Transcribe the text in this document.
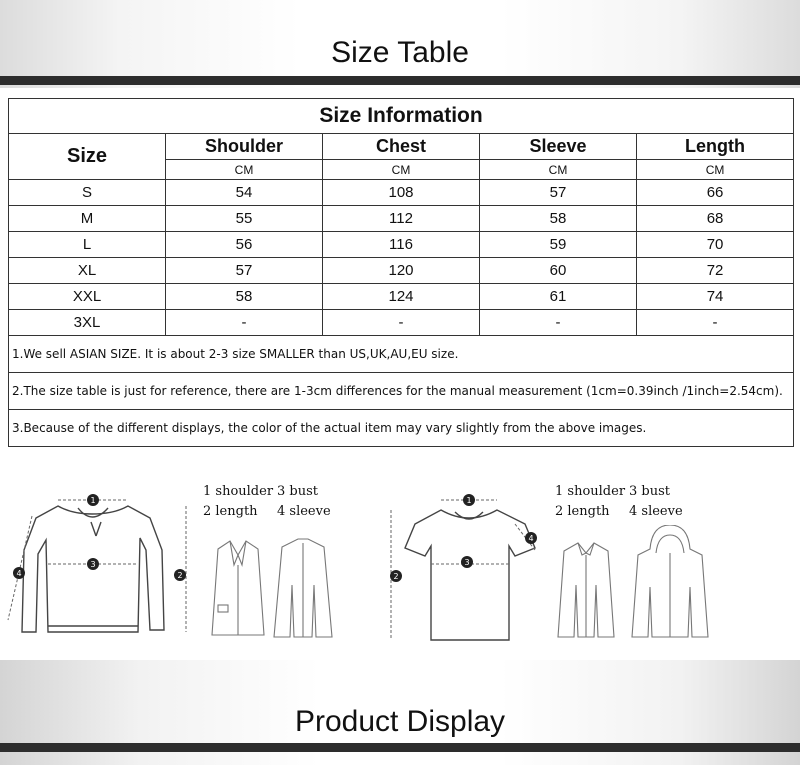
Size Table
Size Information				
Size	Shoulder	Chest	Sleeve	Length
	CM	CM	CM	CM
S	54	108	57	66
M	55	112	58	68
L	56	116	59	70
XL	57	120	60	72
XXL	58	124	61	74
3XL	-	-	-	-
1.We sell ASIAN SIZE. It is about 2-3 size SMALLER than US,UK,AU,EU size.				
2.The size table is just for reference, there are 1-3cm differences for the manual measurement (1cm=0.39inch /1inch=2.54cm).				
3.Because of the different displays, the color of the actual item may vary slightly from the above images.				
1
3
2
4
1 shoulder 3 bust
2 length 4 sleeve
1
3
2
4
1 shoulder 3 bust
2 length 4 sleeve
Product Display
